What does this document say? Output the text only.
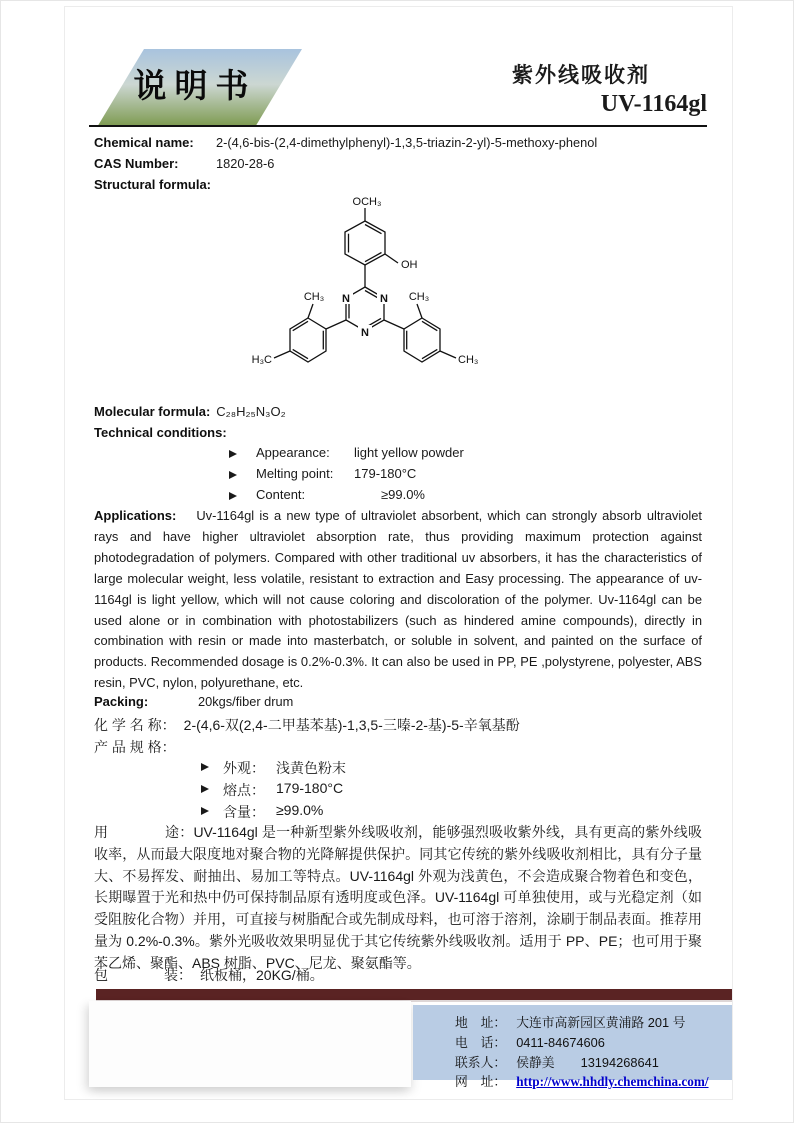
说明书	紫外线吸收剂
UV-1164gl
Chemical name: 2-(4,6-bis-(2,4-dimethylphenyl)-1,3,5-triazin-2-yl)-5-methoxy-phenol
CAS Number:	1820-28-6
Structural formula:
OCH₃
OH
N	N
N
CH₃
H₃C
CH₃
CH₃
Molecular formula: C₂₈H₂₅N₃O₂
Technical conditions:
Appearance: light yellow powder
Melting point: 179-180°C
Content:	≥99.0%

Applications: Uv-1164gl is a new type of ultraviolet absorbent, which can strongly absorb ultraviolet rays and have higher ultraviolet absorption rate, thus providing maximum protection against photodegradation of polymers. Compared with other traditional uv absorbers, it has the characteristics of large molecular weight, less volatile, resistant to extraction and Easy processing. The appearance of uv-1164gl is light yellow, which will not cause coloring and discoloration of the polymer. Uv-1164gl can be used alone or in combination with photostabilizers (such as hindered amine compounds), directly in combination with resin or made into masterbatch, or soluble in solvent, and painted on the surface of products. Recommended dosage is 0.2%-0.3%. It can also be used in PP, PE ,polystyrene, polyester, ABS resin, PVC, nylon, polyurethane, etc.

Packing:	20kgs/fiber drum
化 学 名 称： 2-(4,6-双(2,4-二甲基苯基)-1,3,5-三嗪-2-基)-5-辛氧基酚
产 品 规 格：
外观： 浅黄色粉末
熔点： 179-180°C
含量： ≥99.0%

用　　　　途：UV-1164gl 是一种新型紫外线吸收剂，能够强烈吸收紫外线，具有更高的紫外线吸收率，从而最大限度地对聚合物的光降解提供保护。同其它传统的紫外线吸收剂相比，具有分子量大、不易挥发、耐抽出、易加工等特点。UV-1164gl 外观为浅黄色，不会造成聚合物着色和变色，长期曝置于光和热中仍可保持制品原有透明度或色泽。UV-1164gl 可单独使用，或与光稳定剂（如受阻胺化合物）并用，可直接与树脂配合或先制成母料，也可溶于溶剂，涂刷于制品表面。推荐用量为 0.2%-0.3%。紫外光吸收效果明显优于其它传统紫外线吸收剂。适用于 PP、PE；也可用于聚苯乙烯、聚酯、ABS 树脂、PVC、尼龙、聚氨酯等。

包　　　　装： 纸板桶，20KG/桶。
地　址： 大连市高新园区黄浦路 201 号
电　话： 0411-84674606
联系人： 侯静美 13194268641
网　址： http://www.hhdly.chemchina.com/
